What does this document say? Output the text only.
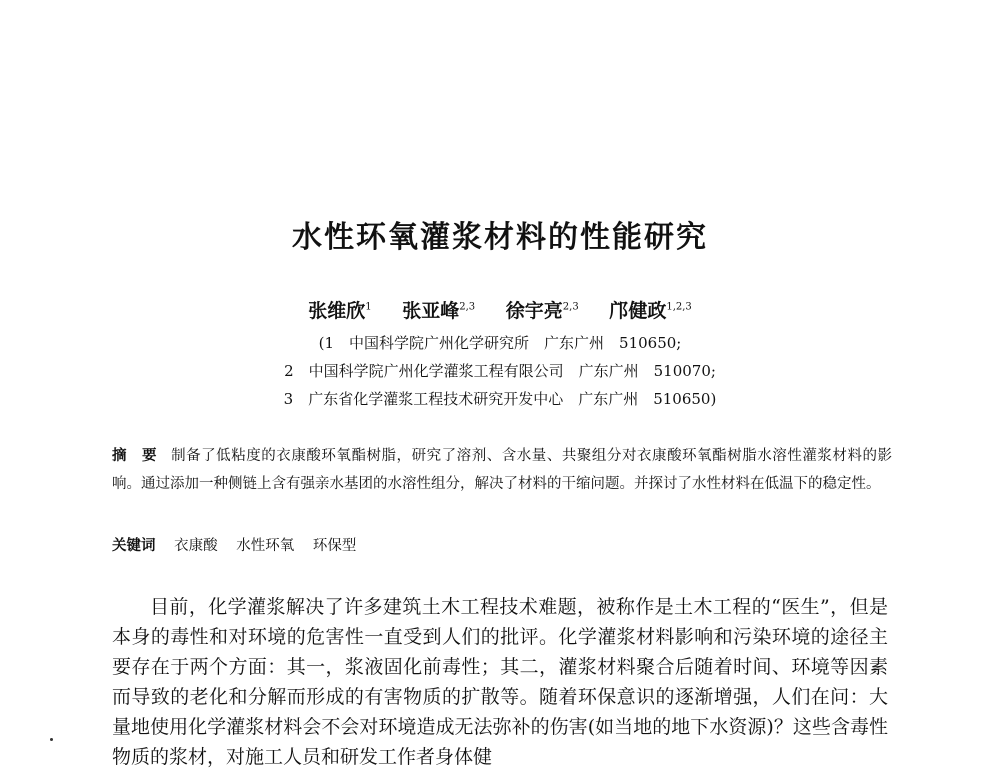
水性环氧灌浆材料的性能研究
张维欣$^1$ 张亚峰$^{2,3}$ 徐宇亮$^{2,3}$ 邝健政$^{1,2,3}$
(1　中国科学院广州化学研究所　广东广州　510650;
2　中国科学院广州化学灌浆工程有限公司　广东广州　510070;
3　广东省化学灌浆工程技术研究开发中心　广东广州　510650)
摘　要 制备了低粘度的衣康酸环氧酯树脂，研究了溶剂、含水量、共聚组分对衣康酸环氧酯树脂水溶性灌浆材料的影响。通过添加一种侧链上含有强亲水基团的水溶性组分，解决了材料的干缩问题。并探讨了水性材料在低温下的稳定性。
关键词 衣康酸 水性环氧 环保型
目前，化学灌浆解决了许多建筑土木工程技术难题，被称作是土木工程的“医生”，但是本身的毒性和对环境的危害性一直受到人们的批评。化学灌浆材料影响和污染环境的途径主要存在于两个方面：其一，浆液固化前毒性；其二，灌浆材料聚合后随着时间、环境等因素而导致的老化和分解而形成的有害物质的扩散等。随着环保意识的逐渐增强，人们在问：大量地使用化学灌浆材料会不会对环境造成无法弥补的伤害(如当地的地下水资源)？这些含毒性物质的浆材，对施工人员和研发工作者身体健
